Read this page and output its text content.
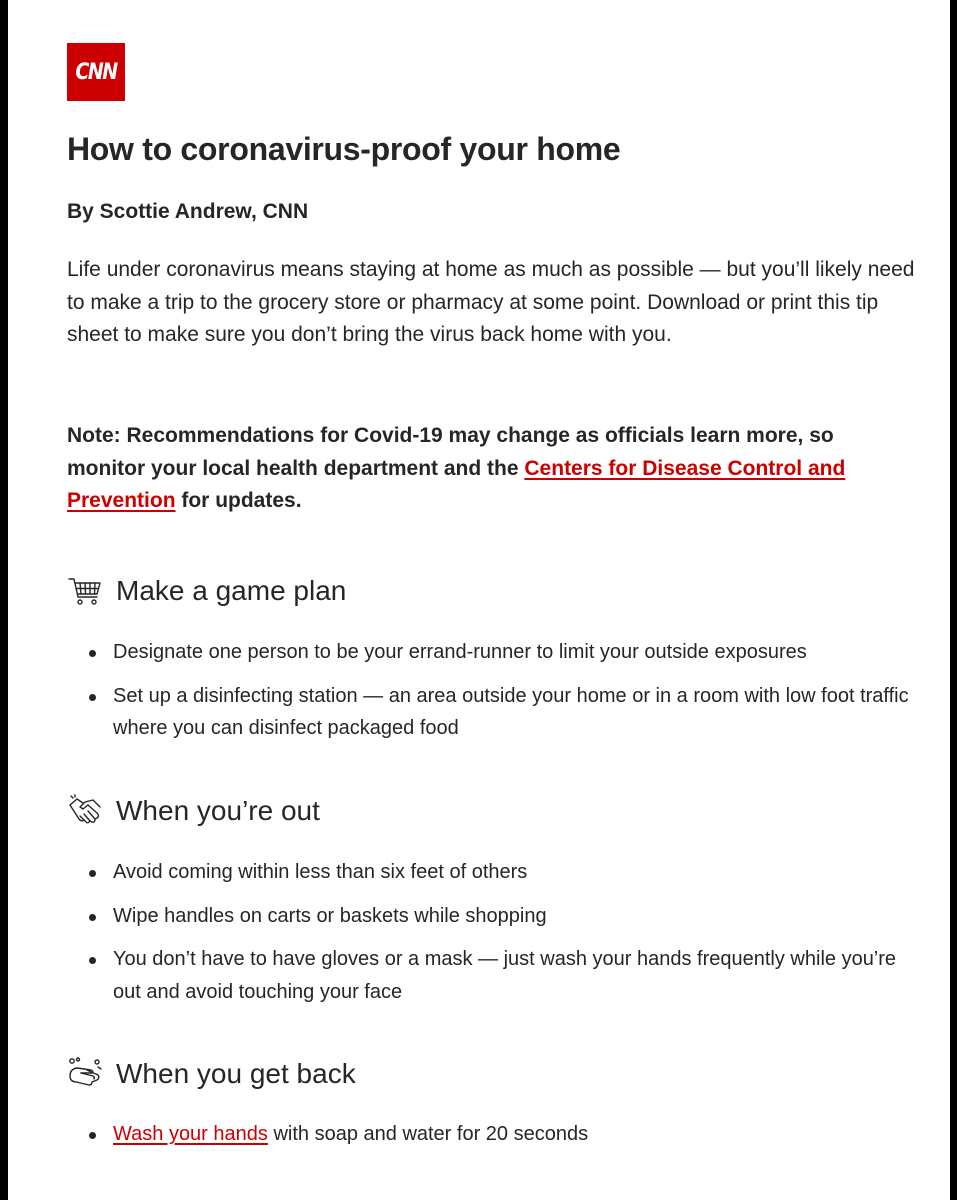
CNN
How to coronavirus-proof your home

By Scottie Andrew, CNN

Life under coronavirus means staying at home as much as possible — but you’ll likely need to make a trip to the grocery store or pharmacy at some point. Download or print this tip sheet to make sure you don’t bring the virus back home with you.

Note: Recommendations for Covid-19 may change as officials learn more, so monitor your local health department and the Centers for Disease Control and Prevention for updates.

Make a game plan
Designate one person to be your errand-runner to limit your outside exposures
Set up a disinfecting station — an area outside your home or in a room with low foot traffic where you can disinfect packaged food
When you’re out
Avoid coming within less than six feet of others
Wipe handles on carts or baskets while shopping
You don’t have to have gloves or a mask — just wash your hands frequently while you’re out and avoid touching your face
When you get back
Wash your hands with soap and water for 20 seconds
